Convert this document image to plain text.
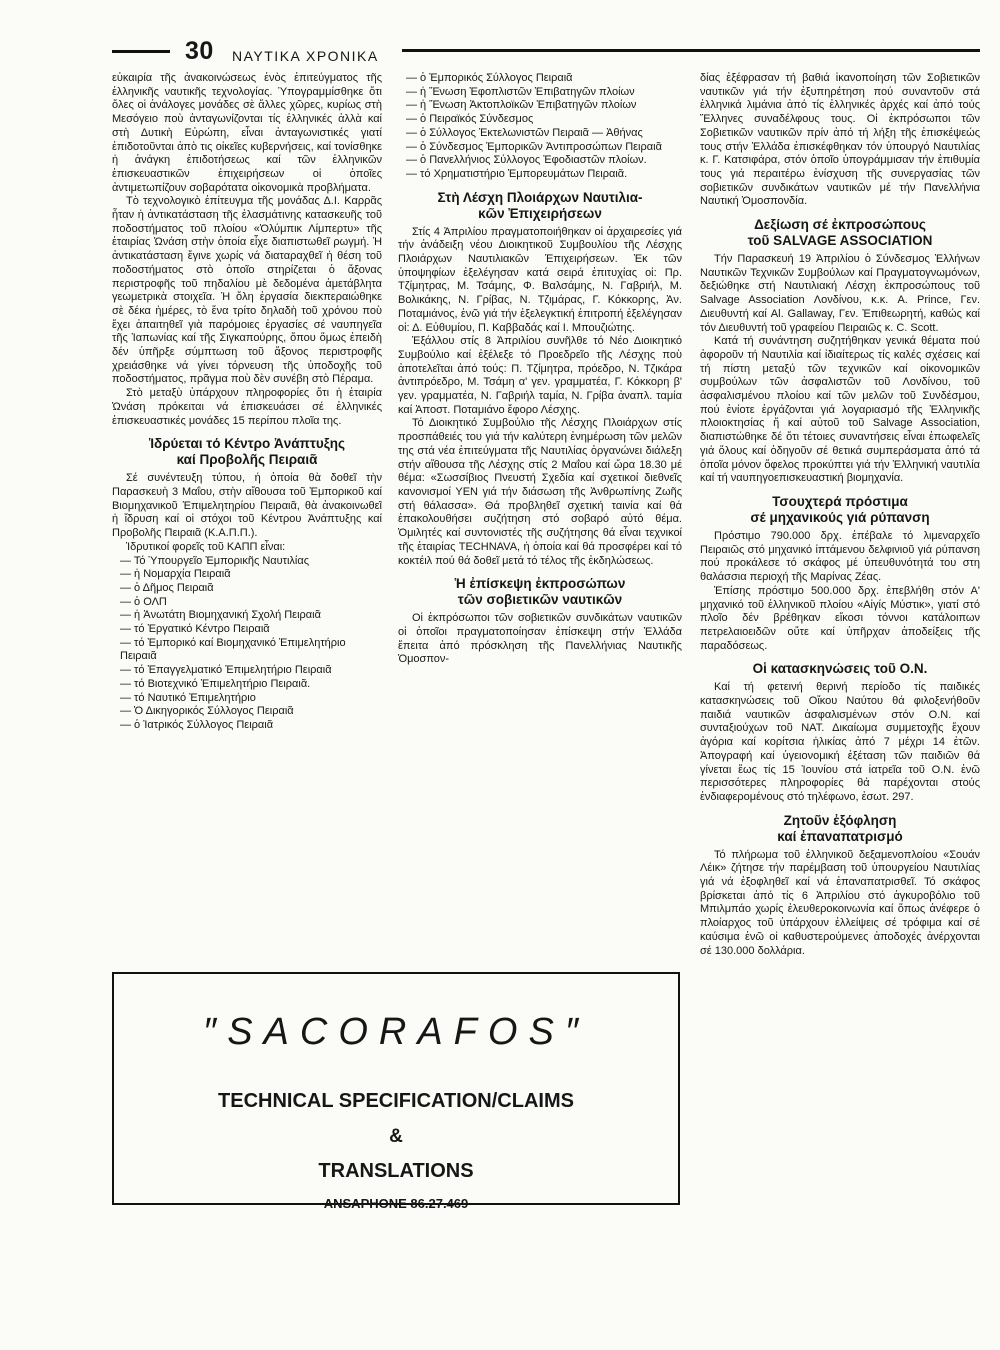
30 ΝΑΥΤΙΚΑ ΧΡΟΝΙΚΑ

εὐκαιρία τῆς ἀνακοινώσεως ἑνὸς ἐπιτεύγματος τῆς ἑλληνικῆς ναυτικῆς τεχνολογίας. Ὑπογραμμίσθηκε ὅτι ὅλες οἱ ἀνάλογες μονάδες σὲ ἄλλες χῶρες, κυρίως στὴ Μεσόγειο ποὺ ἀνταγωνίζονται τίς ἑλληνικές ἀλλὰ καί στὴ Δυτικὴ Εὐρώπη, εἶναι ἀνταγωνιστικές γιατί ἐπιδοτοῦνται ἀπὸ τις οἰκεῖες κυβερνήσεις, καί τονίσθηκε ἡ ἀνάγκη ἐπιδοτήσεως καί τῶν ἑλληνικῶν ἐπισκευαστικῶν ἐπιχειρήσεων οἱ ὁποῖες ἀντιμετωπίζουν σοβαρότατα οἰκονομικὰ προβλήματα.

Τὸ τεχνολογικὸ ἐπίτευγμα τῆς μονάδας Δ.Ι. Καρρᾶς ἦταν ἡ ἀντικατάσταση τῆς ἐλασμάτινης κατασκευῆς τοῦ ποδοστήματος τοῦ πλοίου «Ὀλύμπικ Λίμπερτυ» τῆς ἑταιρίας Ὠνάση στὴν ὁποία εἶχε διαπιστωθεῖ ρωγμή. Ἡ ἀντικατάσταση ἔγινε χωρίς νά διαταραχθεῖ ἡ θέση τοῦ ποδοστήματος στὸ ὁποῖο στηρίζεται ὁ ἄξονας περιστροφῆς τοῦ πηδαλίου μὲ δεδομένα ἀμετάβλητα γεωμετρικὰ στοιχεῖα. Ἡ ὅλη ἐργασία διεκπεραιώθηκε σὲ δέκα ἡμέρες, τὸ ἕνα τρίτο δηλαδὴ τοῦ χρόνου ποὺ ἔχει ἀπαιτηθεῖ γιὰ παρόμοιες ἐργασίες σέ ναυπηγεῖα τῆς Ἰαπωνίας καί τῆς Σιγκαπούρης, ὅπου ὅμως ἐπειδὴ δέν ὑπῆρξε σύμπτωση τοῦ ἄξονος περιστροφῆς χρειάσθηκε νά γίνει τόρνευση τῆς ὑποδοχῆς τοῦ ποδοστήματος, πρᾶγμα ποὺ δὲν συνέβη στὸ Πέραμα.

Στὸ μεταξὺ ὑπάρχουν πληροφορίες ὅτι ἡ ἑταιρία Ὠνάση πρόκειται νά ἐπισκευάσει σέ ἑλληνικές ἐπισκευαστικές μονάδες 15 περίπου πλοῖα της.

Ἱδρύεται τό Κέντρο Ἀνάπτυξης
καί Προβολῆς Πειραιᾶ

Σέ συνέντευξη τύπου, ἡ ὁποία θὰ δοθεῖ τὴν Παρασκευὴ 3 Μαΐου, στὴν αἴθουσα τοῦ Ἐμπορικοῦ καί Βιομηχανικοῦ Ἐπιμελητηρίου Πειραιᾶ, θὰ ἀνακοινωθεῖ ἡ ἵδρυση καί οἱ στόχοι τοῦ Κέντρου Ἀνάπτυξης καί Προβολῆς Πειραιᾶ (Κ.Α.Π.Π.).

Ἱδρυτικοί φορεῖς τοῦ ΚΑΠΠ εἶναι:

— Τό Ὑπουργεῖο Ἐμπορικῆς Ναυτιλίας
— ἡ Νομαρχία Πειραιᾶ
— ὁ Δῆμος Πειραιᾶ
— ὁ ΟΛΠ
— ἡ Ἀνωτάτη Βιομηχανική Σχολή Πειραιᾶ
— τό Ἐργατικό Κέντρο Πειραιᾶ
— τό Ἐμπορικό καί Βιομηχανικό Ἐπιμελητήριο Πειραιᾶ
— τό Ἐπαγγελματικό Ἐπιμελητήριο Πειραιᾶ
— τό Βιοτεχνικό Ἐπιμελητήριο Πειραιᾶ.
— τό Ναυτικό Ἐπιμελητήριο
— Ὁ Δικηγορικός Σύλλογος Πειραιᾶ
— ὁ Ἰατρικός Σύλλογος Πειραιᾶ
— ὁ Ἐμπορικός Σύλλογος Πειραιᾶ
— ἡ Ἕνωση Ἐφοπλιστῶν Ἐπιβατηγῶν πλοίων
— ἡ Ἕνωση Ἀκτοπλοϊκῶν Ἐπιβατηγῶν πλοίων
— ὁ Πειραϊκός Σύνδεσμος
— ὁ Σύλλογος Ἐκτελωνιστῶν Πειραιᾶ — Ἀθήνας
— ὁ Σύνδεσμος Ἐμπορικῶν Ἀντιπροσώπων Πειραιᾶ
— ὁ Πανελλήνιος Σύλλογος Ἐφοδιαστῶν πλοίων.
— τό Χρηματιστήριο Ἐμπορευμάτων Πειραιᾶ.
Στὴ Λέσχη Πλοιάρχων Ναυτιλια-
κῶν Ἐπιχειρήσεων

Στίς 4 Ἀπριλίου πραγματοποιήθηκαν οἱ ἀρχαιρεσίες γιά τήν ἀνάδειξη νέου Διοικητικοῦ Συμβουλίου τῆς Λέσχης Πλοιάρχων Ναυτιλιακῶν Ἐπιχειρήσεων. Ἐκ τῶν ὑποψηφίων ἐξελέγησαν κατά σειρά ἐπιτυχίας οἱ: Πρ. Τζίμητρας, Μ. Τσάμης, Φ. Βαλσάμης, Ν. Γαβριήλ, Μ. Βολικάκης, Ν. Γρίβας, Ν. Τζιμάρας, Γ. Κόκκορης, Ἀν. Ποταμιάνος, ἐνῶ γιά τήν ἐξελεγκτική ἐπιτροπή ἐξελέγησαν οἱ: Δ. Εὐθυμίου, Π. Καββαδάς καί Ι. Μπουζιώτης.

Ἐξάλλου στίς 8 Ἀπριλίου συνῆλθε τό Νέο Διοικητικό Συμβούλιο καί ἐξέλεξε τό Προεδρεῖο τῆς Λέσχης ποὺ ἀποτελεῖται ἀπό τούς: Π. Τζίμητρα, πρόεδρο, Ν. Τζικάρα ἀντιπρόεδρο, Μ. Τσάμη α' γεν. γραμματέα, Γ. Κόκκορη β' γεν. γραμματέα, Ν. Γαβριήλ ταμία, Ν. Γρίβα ἀναπλ. ταμία καί Ἀποστ. Ποταμιάνο ἔφορο Λέσχης.

Τό Διοικητικό Συμβούλιο τῆς Λέσχης Πλοιάρχων στίς προσπάθειές του γιά τήν καλύτερη ἐνημέρωση τῶν μελῶν της στά νέα ἐπιτεύγματα τῆς Ναυτιλίας ὀργανώνει διάλεξη στήν αἴθουσα τῆς Λέσχης στίς 2 Μαΐου καί ὥρα 18.30 μέ θέμα: «Σωσσίβιος Πνευστή Σχεδία καί σχετικοί διεθνεῖς κανονισμοί ΥΕΝ γιά τήν διάσωση τῆς Ἀνθρωπίνης Ζωῆς στή θάλασσα». Θά προβληθεῖ σχετική ταινία καί θά ἐπακολουθήσει συζήτηση στό σοβαρό αὐτό θέμα. Ὁμιλητές καί συντονιστές τῆς συζήτησης θά εἶναι τεχνικοί τῆς ἑταιρίας TECHNAVA, ἡ ὁποία καί θά προσφέρει καί τό κοκτέιλ πού θά δοθεῖ μετά τό τέλος τῆς ἐκδηλώσεως.

Ἡ ἐπίσκεψη ἐκπροσώπων
τῶν σοβιετικῶν ναυτικῶν

Οἱ ἐκπρόσωποι τῶν σοβιετικῶν συνδικάτων ναυτικῶν οἱ ὁποῖοι πραγματοποίησαν ἐπίσκεψη στήν Ἑλλάδα ἔπειτα ἀπό πρόσκληση τῆς Πανελλήνιας Ναυτικῆς Ὁμοσπον-

δίας ἐξέφρασαν τή βαθιά ἱκανοποίηση τῶν Σοβιετικῶν ναυτικῶν γιά τήν ἐξυπηρέτηση πού συναντοῦν στά ἑλληνικά λιμάνια ἀπό τίς ἑλληνικές ἀρχές καί ἀπό τούς Ἕλληνες συναδέλφους τους. Οἱ ἐκπρόσωποι τῶν Σοβιετικῶν ναυτικῶν πρίν ἀπό τή λήξη τῆς ἐπισκέψεώς τους στήν Ἑλλάδα ἐπισκέφθηκαν τόν ὑπουργό Ναυτιλίας κ. Γ. Κατσιφάρα, στόν ὁποῖο ὑπογράμμισαν τήν ἐπιθυμία τους γιά περαιτέρω ἐνίσχυση τῆς συνεργασίας τῶν σοβιετικῶν συνδικάτων ναυτικῶν μέ τήν Πανελλήνια Ναυτική Ὁμοσπονδία.

Δεξίωση σέ ἐκπροσώπους
τοῦ SALVAGE ASSOCIATION

Τήν Παρασκευή 19 Ἀπριλίου ὁ Σύνδεσμος Ἑλλήνων Ναυτικῶν Τεχνικῶν Συμβούλων καί Πραγματογνωμόνων, δεξιώθηκε στή Ναυτιλιακή Λέσχη ἐκπροσώπους τοῦ Salvage Association Λονδίνου, κ.κ. A. Prince, Γεν. Διευθυντή καί Al. Gallaway, Γεν. Ἐπιθεωρητή, καθώς καί τόν Διευθυντή τοῦ γραφείου Πειραιῶς κ. C. Scott.

Κατά τή συνάντηση συζητήθηκαν γενικά θέματα πού ἀφοροῦν τή Ναυτιλία καί ἰδιαίτερως τίς καλές σχέσεις καί τή πίστη μεταξύ τῶν τεχνικῶν καί οἰκονομικῶν συμβούλων τῶν ἀσφαλιστῶν τοῦ Λονδίνου, τοῦ ἀσφαλισμένου πλοίου καί τῶν μελῶν τοῦ Συνδέσμου, πού ἐνίοτε ἐργάζονται γιά λογαριασμό τῆς Ἑλληνικῆς πλοιοκτησίας ἤ καί αὐτοῦ τοῦ Salvage Association, διαπιστώθηκε δέ ὅτι τέτοιες συναντήσεις εἶναι ἐπωφελεῖς γιά ὅλους καί ὁδηγοῦν σέ θετικά συμπεράσματα ἀπό τά ὁποῖα μόνον ὄφελος προκύπτει γιά τήν Ἑλληνική ναυτιλία καί τή ναυπηγοεπισκευαστική βιομηχανία.

Τσουχτερά πρόστιμα
σέ μηχανικούς γιά ρύπανση

Πρόστιμο 790.000 δρχ. ἐπέβαλε τό λιμεναρχεῖο Πειραιῶς στό μηχανικό ἰπτάμενου δελφινιοῦ γιά ρύπανση πού προκάλεσε τό σκάφος μέ ὑπευθυνότητά του στη θαλάσσια περιοχή τῆς Μαρίνας Ζέας.

Ἐπίσης πρόστιμο 500.000 δρχ. ἐπεβλήθη στόν Α' μηχανικό τοῦ ἑλληνικοῦ πλοίου «Αἰγίς Μύστικ», γιατί στό πλοῖο δέν βρέθηκαν εἴκοσι τόννοι κατάλοιπων πετρελαιοειδῶν οὔτε καί ὑπῆρχαν ἀποδείξεις τῆς παραδόσεως.

Οἱ κατασκηνώσεις τοῦ Ο.Ν.

Καί τή φετεινή θερινή περίοδο τίς παιδικές κατασκηνώσεις τοῦ Οἴκου Ναύτου θά φιλοξενήθοῦν παιδιά ναυτικῶν ἀσφαλισμένων στόν Ο.Ν. καί συνταξιούχων τοῦ ΝΑΤ. Δικαίωμα συμμετοχῆς ἔχουν ἀγόρια καί κορίτσια ἡλικίας ἀπό 7 μέχρι 14 ἐτῶν. Ἀπογραφή καί ὑγειονομική ἐξέταση τῶν παιδιῶν θά γίνεται ἕως τίς 15 Ἰουνίου στά ἰατρεῖα τοῦ Ο.Ν. ἐνῶ περισσότερες πληροφορίες θά παρέχονται στούς ἐνδιαφερομένους στό τηλέφωνο, ἐσωτ. 297.

Ζητοῦν ἐξόφληση
καί ἐπαναπατρισμό

Τό πλήρωμα τοῦ ἑλληνικοῦ δεξαμενοπλοίου «Σουάν Λέικ» ζήτησε τήν παρέμβαση τοῦ ὑπουργείου Ναυτιλίας γιά νά ἐξοφληθεῖ καί νά ἐπαναπατρισθεῖ. Τό σκάφος βρίσκεται ἀπό τίς 6 Ἀπριλίου στό ἀγκυροβόλιο τοῦ Μπιλμπάο χωρίς ἐλευθεροκοινωνία καί ὅπως ἀνέφερε ὁ πλοίαρχος τοῦ ὑπάρχουν ἐλλείψεις σέ τρόφιμα καί σέ καύσιμα ἐνῶ οἱ καθυστερούμενες ἀποδοχές ἀνέρχονται σέ 130.000 δολλάρια.

″SACORAFOS″
TECHNICAL SPECIFICATION/CLAIMS
&
TRANSLATIONS
ANSAPHONE 86.27.469
